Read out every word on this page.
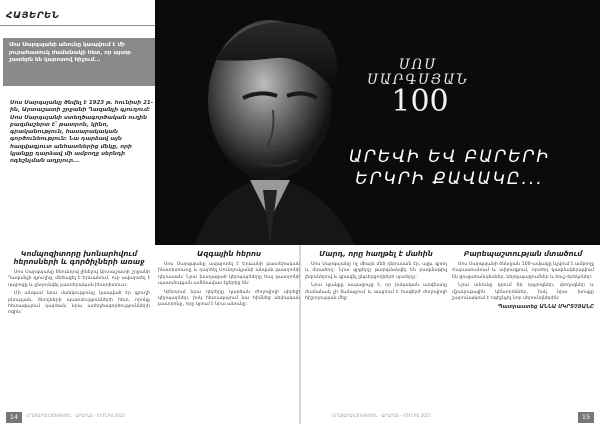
ՀԱՅԵՐԵՆ
Սոս Սարգսյանի անունը կապվում է մի յուրահատուկ ժամանակի հետ, որ այսօր շատերն են կարոտով հիշում...
Սոս Սարգսյանը ծնվել է 1923 թ. հունիսի 21-ին, Արտաշատի շրջանի Ղազանչի գյուղում: Սոս Սարգսյանի ստեղծագործական ուղին բազմաշերտ է՝ թատրոն, կինո, գրականություն, հասարակական գործունեություն: Նա դարձավ այն հազվագյուտ անհատներից մեկը, որի կյանքը դարձավ մի ամբողջ սերնդի ոգեշնչման աղբյուր...
ՍՈՍ
ՍԱՐԳՍՅԱՆ
100
ԱՐԵՎԻ ԵՎ ԲԱՐԵՐԻ
ԵՐԿՐԻ ՔԱՎԱԿԸ...
Կոմպոզիտորը խոնարհվում հերոսների և գործիչների առաջ

Սոս Սարգսյանը ծնունդով լինելով Արտաշատի շրջանի Ղազանչի գյուղից, մեծացել է Երևանում, ուր ավարտել է դպրոցը և ընդունվել թատերական ինստիտուտ:

Մի անգամ նրա մանկությունը կապված էր գյուղի բնության, ծնողների պատմությունների հետ, որոնք հետագայում դարձան նրա ստեղծագործությունների ոգին:

Ազգային հերոս

Սոս Սարգսյանը ավարտել է Երևանի թատերական ինստիտուտը և դարձել Սունդուկյանի անվան թատրոնի դերասան: Նրա խաղացած կերպարները հայ թատրոնի պատմության ամենավառ էջերից են:

Կինոյում նրա դերերը դարձան ժողովրդի սիրելի կերպարներ, իսկ հետագայում նա հիմնեց սեփական թատրոնը, որը կրում է նրա անունը:

Մարդ, որը հաղթել է մահին

Սոս Սարգսյանը ոչ միայն մեծ դերասան էր, այլև գրող և մտածող: Նրա գրքերը թարգմանվել են բազմաթիվ լեզուներով և գրավել ընթերցողների սրտերը:

Նրա կյանքը ապացույց է, որ իսկական արվեստը ժամանակ չի ճանաչում և ապրում է հավերժ ժողովրդի հիշողության մեջ:

Բարեպաշտության մտածում

Սոս Սարգսյանի ծննդյան 100-ամյակը նշվում է ամբողջ Հայաստանում և սփյուռքում, որտեղ կազմակերպվում են ցուցահանդեսներ, ներկայացումներ և հուշ-երեկոներ:

Նրա անունը կրում են դպրոցներ, փողոցներ և մշակութային կենտրոններ, իսկ նրա խոսքը շարունակում է ոգեշնչել նոր սերունդներին:

Պատրաստեց ԱՆՆԱ ՄԿՐՏՉՅԱՆԸ
14	ՀՐԱՏԱՐԱԿՉՈՒԹՅՈՒՆ · ԱՐԱՐԱՏ · ՀՈՒՆԻՍ 2023	ՀՐԱՏԱՐԱԿՉՈՒԹՅՈՒՆ · ԱՐԱՐԱՏ · ՀՈՒՆԻՍ 2023	15
